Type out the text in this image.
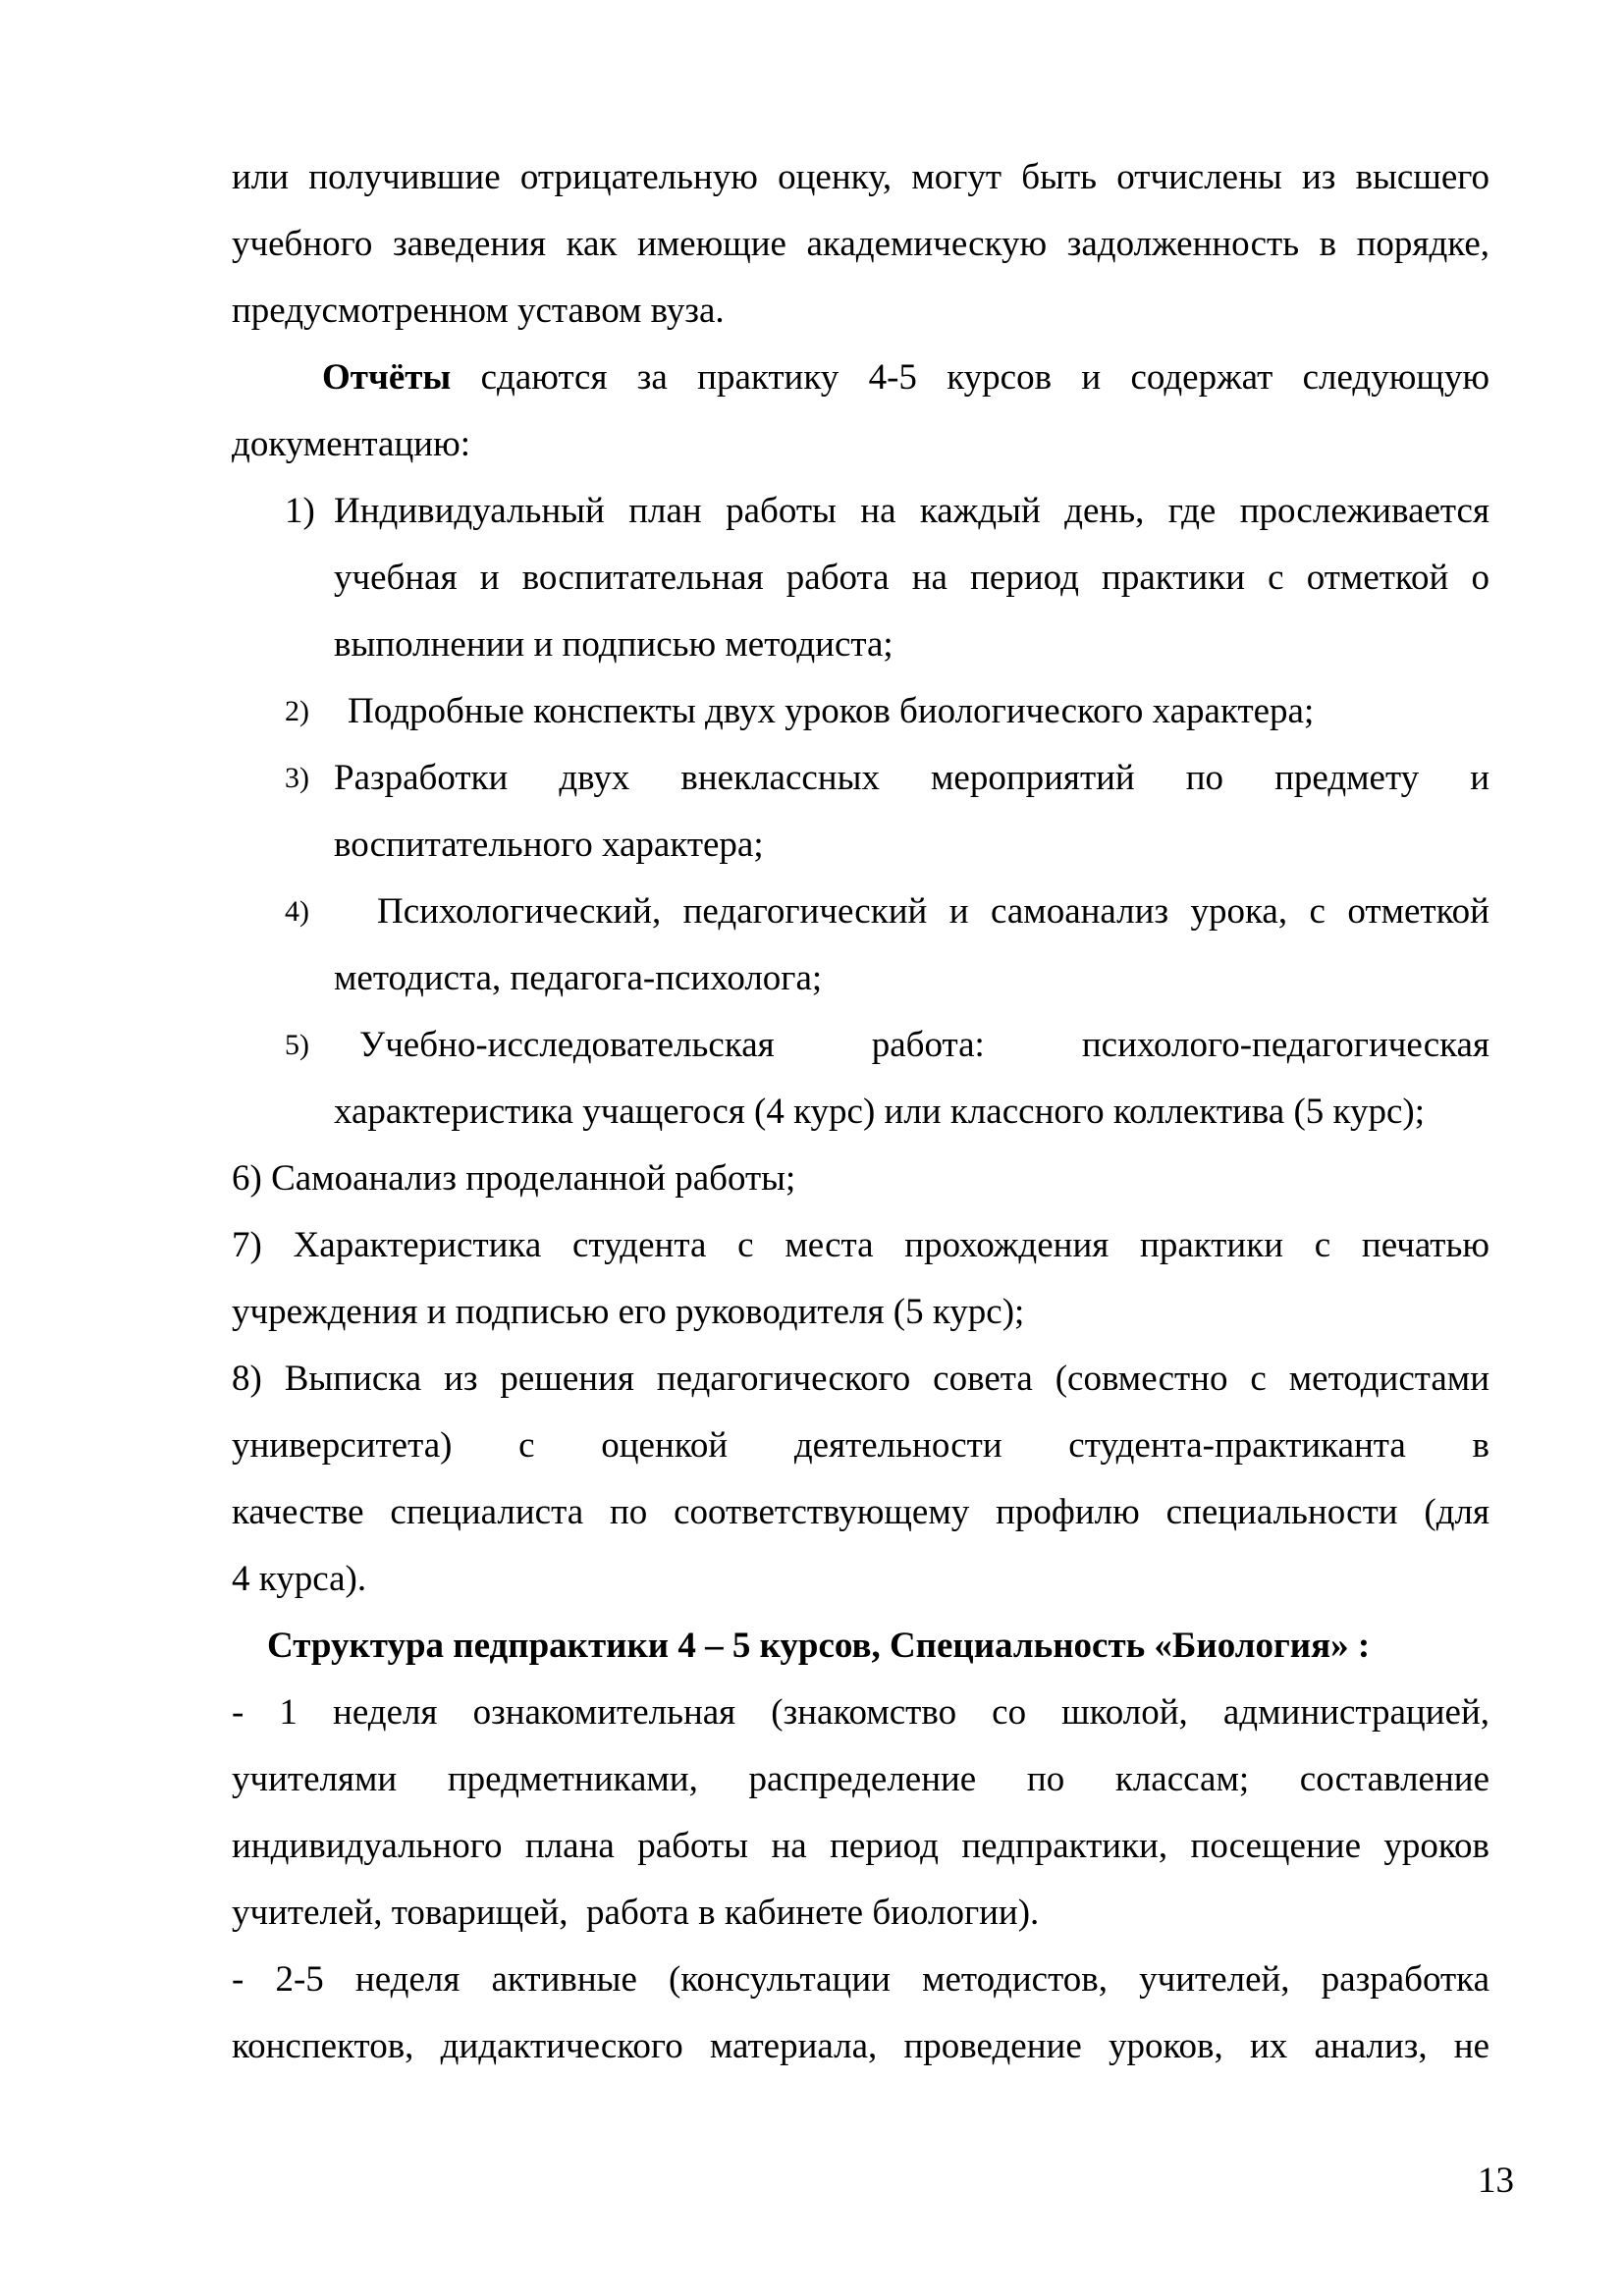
или получившие отрицательную оценку, могут быть отчислены из высшего
учебного заведения как имеющие академическую задолженность в порядке,
предусмотренном уставом вуза.
Отчёты сдаются за практику 4-5 курсов и содержат следующую
документацию:
1) Индивидуальный план работы на каждый день, где прослеживается
учебная и воспитательная работа на период практики с отметкой о
выполнении и подписью методиста;
2)	Подробные конспекты двух уроков биологического характера;
3) Разработки двух внеклассных мероприятий по предмету и
воспитательного характера;
4)	Психологический, педагогический и самоанализ урока, с отметкой
методиста, педагога-психолога;
5)	Учебно-исследовательская работа: психолого-педагогическая
характеристика учащегося (4 курс) или классного коллектива (5 курс);
6) Самоанализ проделанной работы;
7) Характеристика студента с места прохождения практики с печатью
учреждения и подписью его руководителя (5 курс);
8) Выписка из решения педагогического совета (совместно с методистами
университета) с оценкой деятельности студента-практиканта в
качестве специалиста по соответствующему профилю специальности (для
4 курса).
Структура педпрактики 4 – 5 курсов, Специальность «Биология» :
- 1 неделя ознакомительная (знакомство со школой, администрацией,
учителями предметниками, распределение по классам; составление
индивидуального плана работы на период педпрактики, посещение уроков
учителей, товарищей,  работа в кабинете биологии).
- 2-5 неделя активные (консультации методистов, учителей, разработка
конспектов, дидактического материала, проведение уроков, их анализ, не
13
